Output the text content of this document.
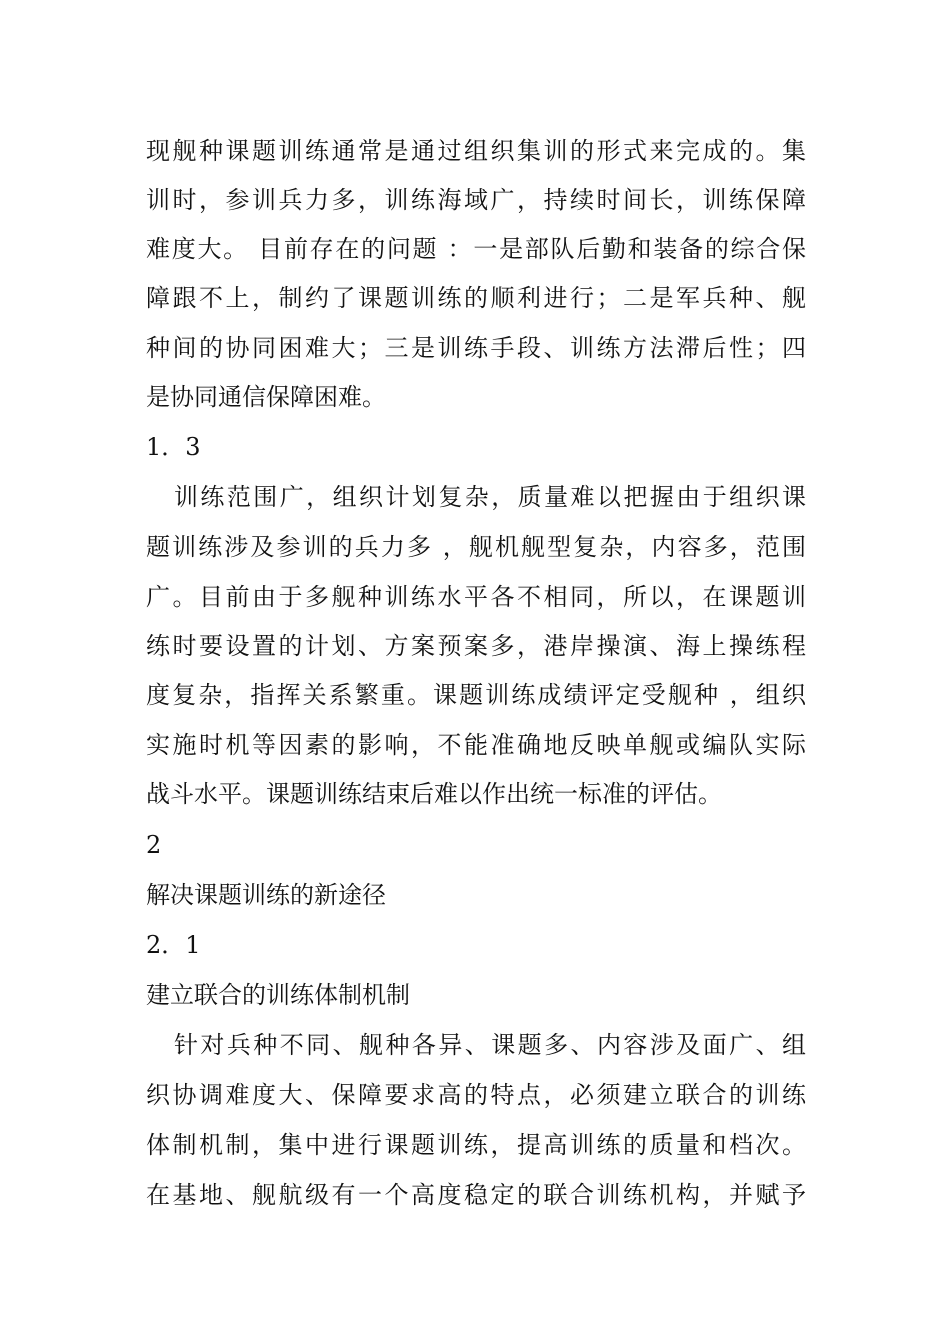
现舰种课题训练通常是通过组织集训的形式来完成的。集
训时，参训兵力多，训练海域广，持续时间长，训练保障
难度大。 目前存在的问题 ：一是部队后勤和装备的综合保
障跟不上，制约了课题训练的顺利进行；二是军兵种、舰
种间的协同困难大；三是训练手段、训练方法滞后性；四
是协同通信保障困难。
1．3
训练范围广，组织计划复杂，质量难以把握由于组织课
题训练涉及参训的兵力多 ，舰机舰型复杂，内容多，范围
广。目前由于多舰种训练水平各不相同，所以，在课题训
练时要设置的计划、方案预案多，港岸操演、海上操练程
度复杂，指挥关系繁重。课题训练成绩评定受舰种 ，组织
实施时机等因素的影响，不能准确地反映单舰或编队实际
战斗水平。课题训练结束后难以作出统一标准的评估。
2
解决课题训练的新途径
2．1
建立联合的训练体制机制
针对兵种不同、舰种各异、课题多、内容涉及面广、组
织协调难度大、保障要求高的特点，必须建立联合的训练
体制机制，集中进行课题训练，提高训练的质量和档次。
在基地、舰航级有一个高度稳定的联合训练机构，并赋予
